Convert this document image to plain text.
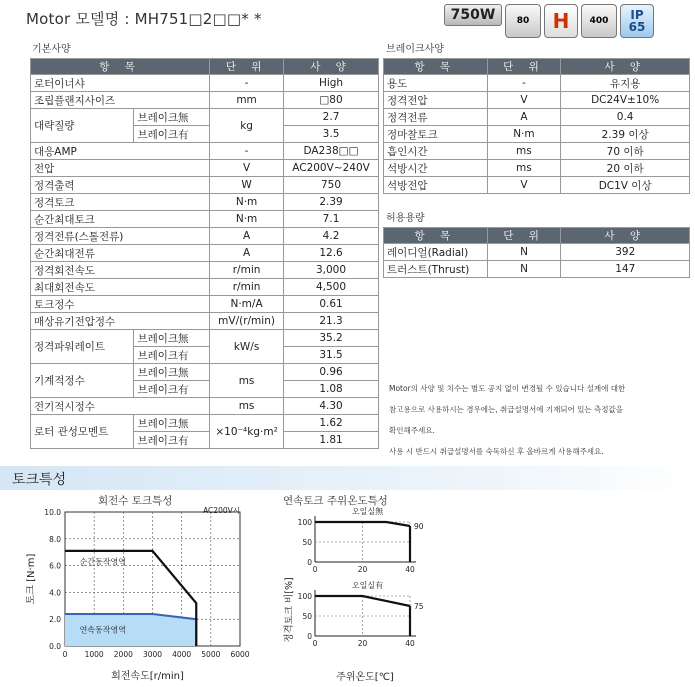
Motor 모델명 : MH751□2□□* *	750W	80	H	400	IP
65
기본사양
항 목		단 위	사 양
로터이너샤		-	High
조립플랜지사이즈		mm	□80
대략질량	브레이크無	kg	2.7
	브레이크有		3.5
대응AMP		-	DA238□□
전압		V	AC200V~240V
정격출력		W	750
정격토크		N·m	2.39
순간최대토크		N·m	7.1
정격전류(스톨전류)		A	4.2
순간최대전류		A	12.6
정격회전속도		r/min	3,000
최대회전속도		r/min	4,500
토크정수		N·m/A	0.61
매상유기전압정수		mV/(r/min)	21.3
정격파워레이트	브레이크無	kW/s	35.2
	브레이크有		31.5
기계적정수	브레이크無	ms	0.96
	브레이크有		1.08
전기적시정수		ms	4.30
로터 관성모멘트	브레이크無	×10⁻⁴kg·m²	1.62
	브레이크有		1.81
브레이크사양
항 목	단 위	사 양
용도	-	유지용
정격전압	V	DC24V±10%
정격전류	A	0.4
정마찰토크	N·m	2.39 이상
흡인시간	ms	70 이하
석방시간	ms	20 이하
석방전압	V	DC1V 이상
허용용량
항 목	단 위	사 양
레이디얼(Radial)	N	392
트러스트(Thrust)	N	147
Motor의 사양 및 치수는 별도 공지 없이 변경될 수 있습니다 설계에 대한
참고용으로 사용하시는 경우에는, 취급설명서에 기재되어 있는 측정값을
확인해주세요.
사용 시 반드시 취급설명서를 숙독하신 후 올바르게 사용해주세요.
토크특성
회전수 토크특성	연속토크 주위온도특성
0 1000 2000 3000 4000 5000 6000
0.0
2.0
4.0
6.0
8.0
10.0
순간동작영역
연속동작영역
AC200V시
회전속도[r/min]
토크 [N·m]	0
50
100
0	20	40
90
오일실無
0
50
100
0	20	40
75
오일실有
정격토크 비[%]
주위온도[℃]
